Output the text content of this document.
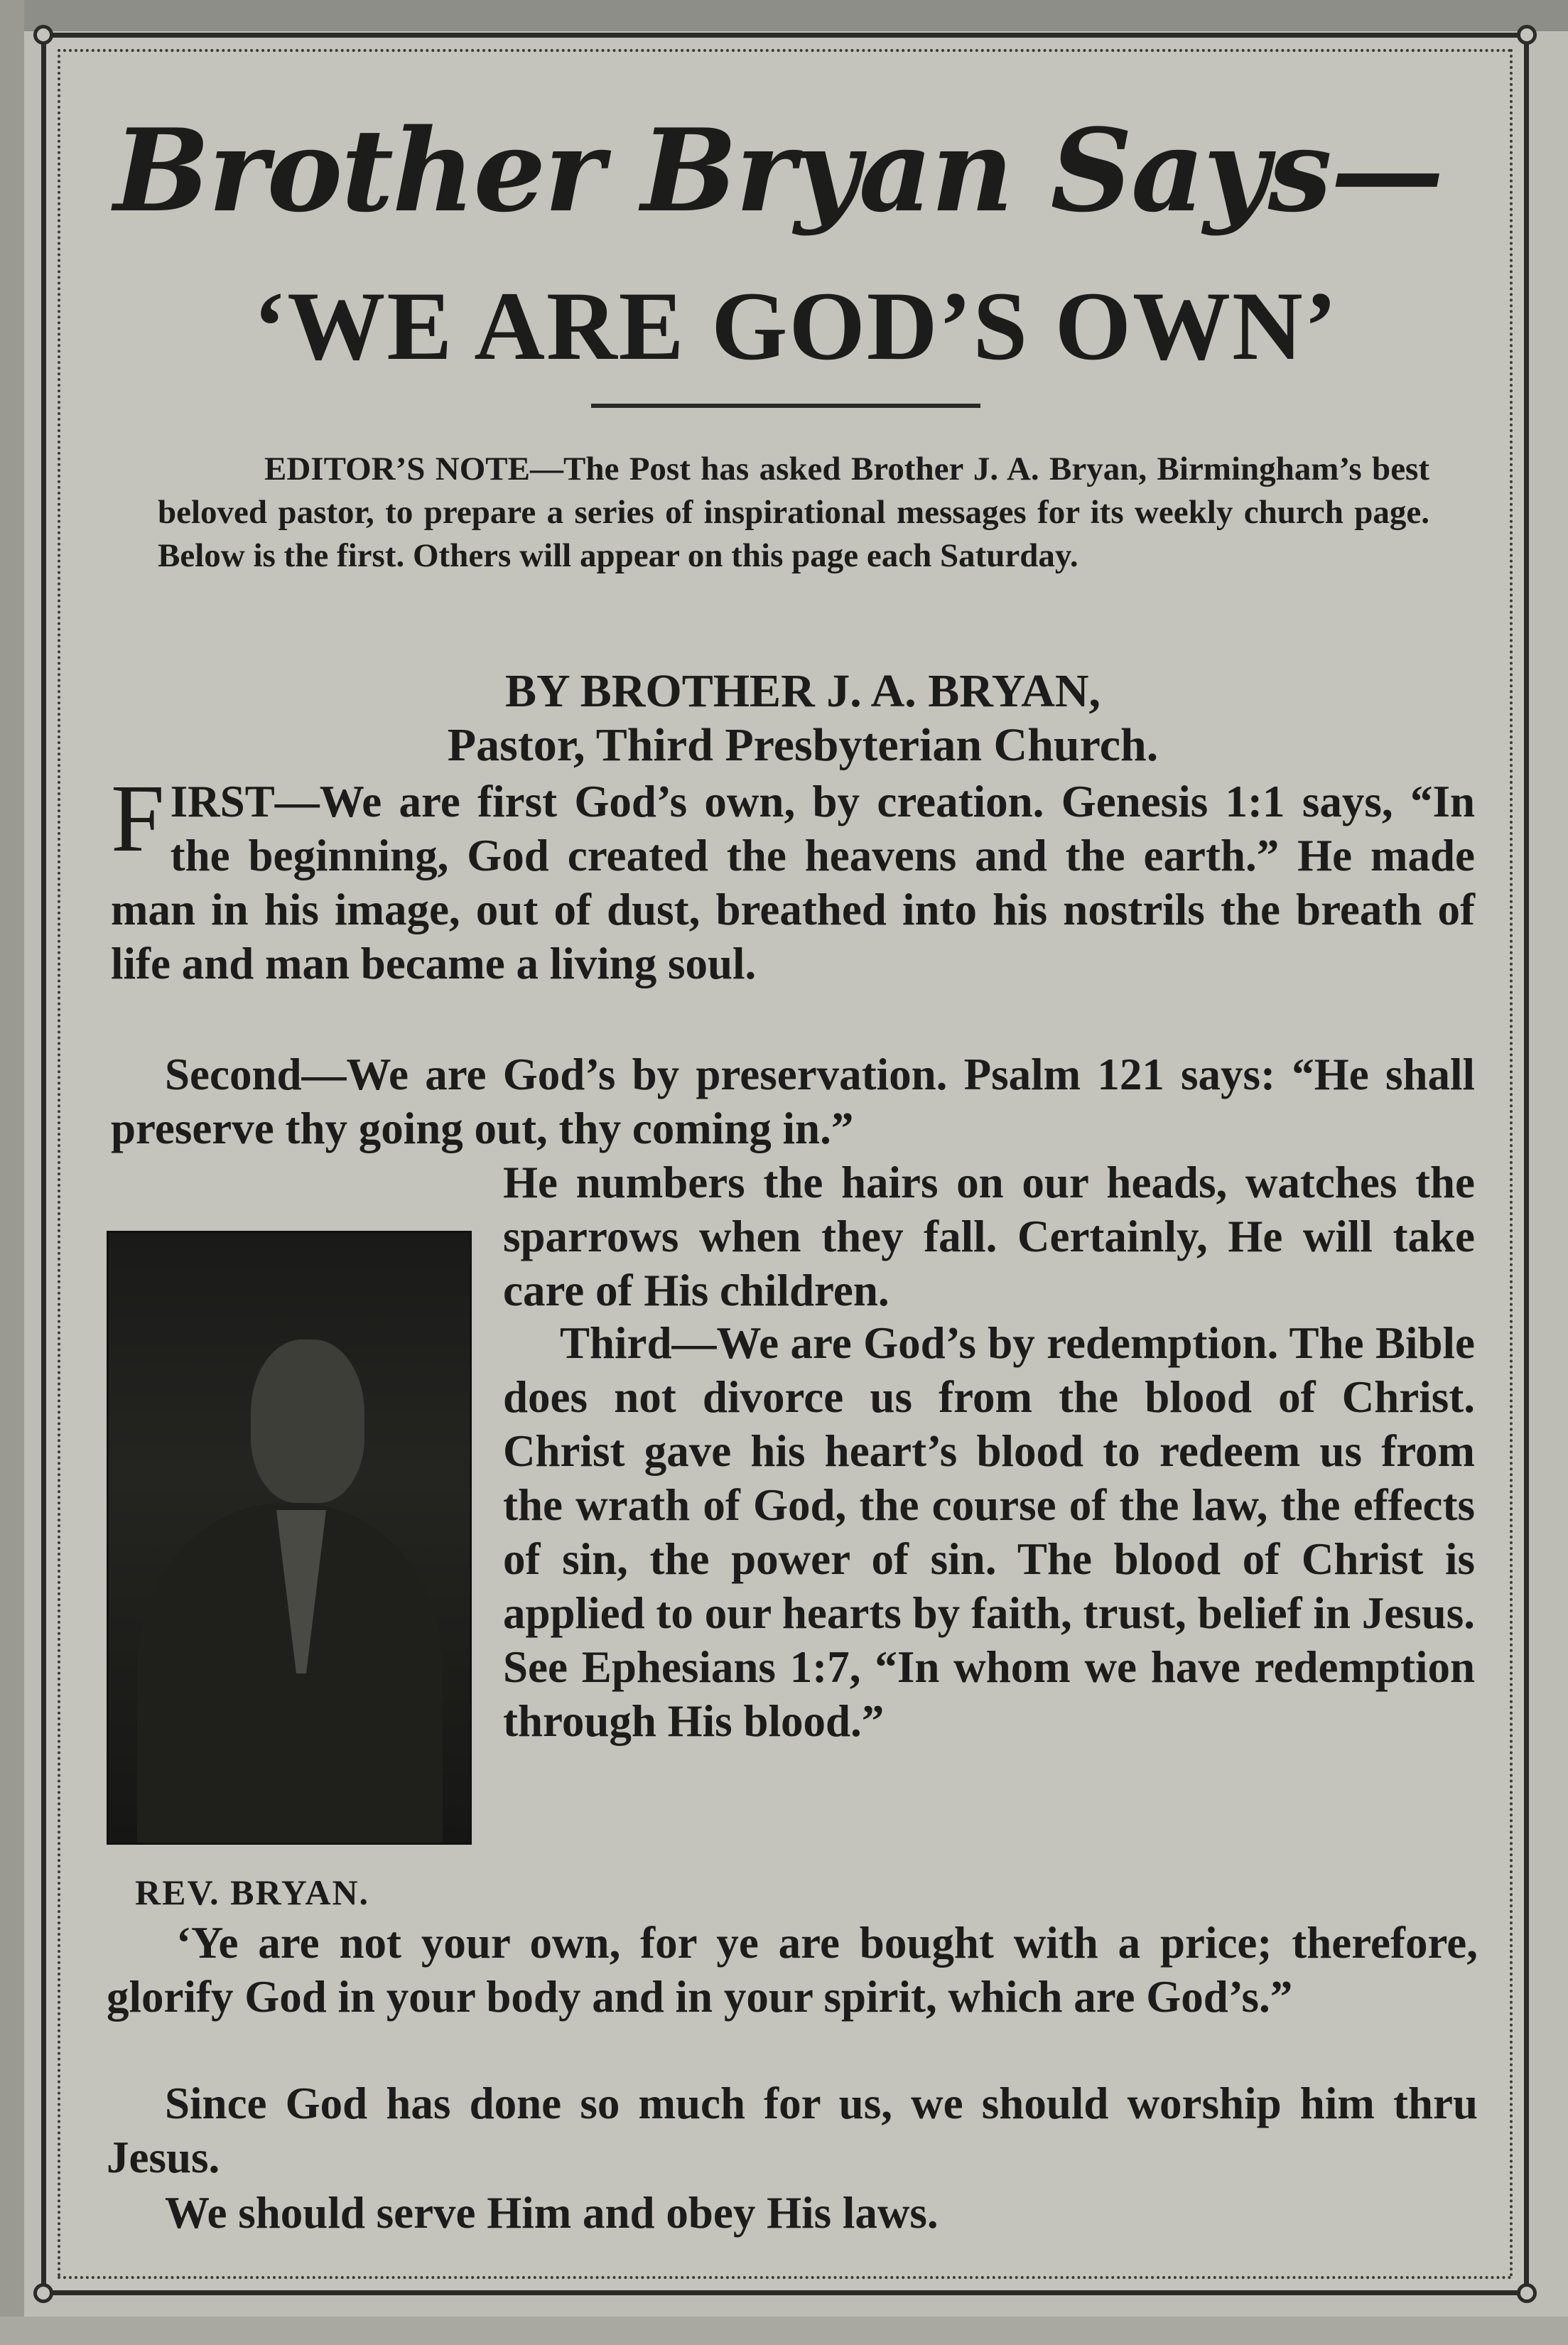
Brother Bryan Says—
‘WE ARE GOD’S OWN’
EDITOR’S NOTE—The Post has asked Brother J. A. Bryan, Birmingham’s best beloved pastor, to prepare a series of inspirational messages for its weekly church page. Below is the first. Others will appear on this page each Saturday.
BY BROTHER J. A. BRYAN,
Pastor, Third Presbyterian Church.
FIRST—We are first God’s own, by creation. Genesis 1:1 says, “In the beginning, God created the heavens and the earth.” He made man in his image, out of dust, breathed into his nostrils the breath of life and man became a living soul.
Second—We are God’s by preservation. Psalm 121 says: “He shall preserve thy going out, thy coming in.”
He numbers the hairs on our heads, watches the sparrows when they fall. Certainly, He will take care of His children.
Third—We are God’s by redemption. The Bible does not divorce us from the blood of Christ. Christ gave his heart’s blood to redeem us from the wrath of God, the course of the law, the effects of sin, the power of sin. The blood of Christ is applied to our hearts by faith, trust, belief in Jesus. See Ephesians 1:7, “In whom we have redemption through His blood.”
REV. BRYAN.
‘Ye are not your own, for ye are bought with a price; therefore, glorify God in your body and in your spirit, which are God’s.”
Since God has done so much for us, we should worship him thru Jesus.
We should serve Him and obey His laws.
